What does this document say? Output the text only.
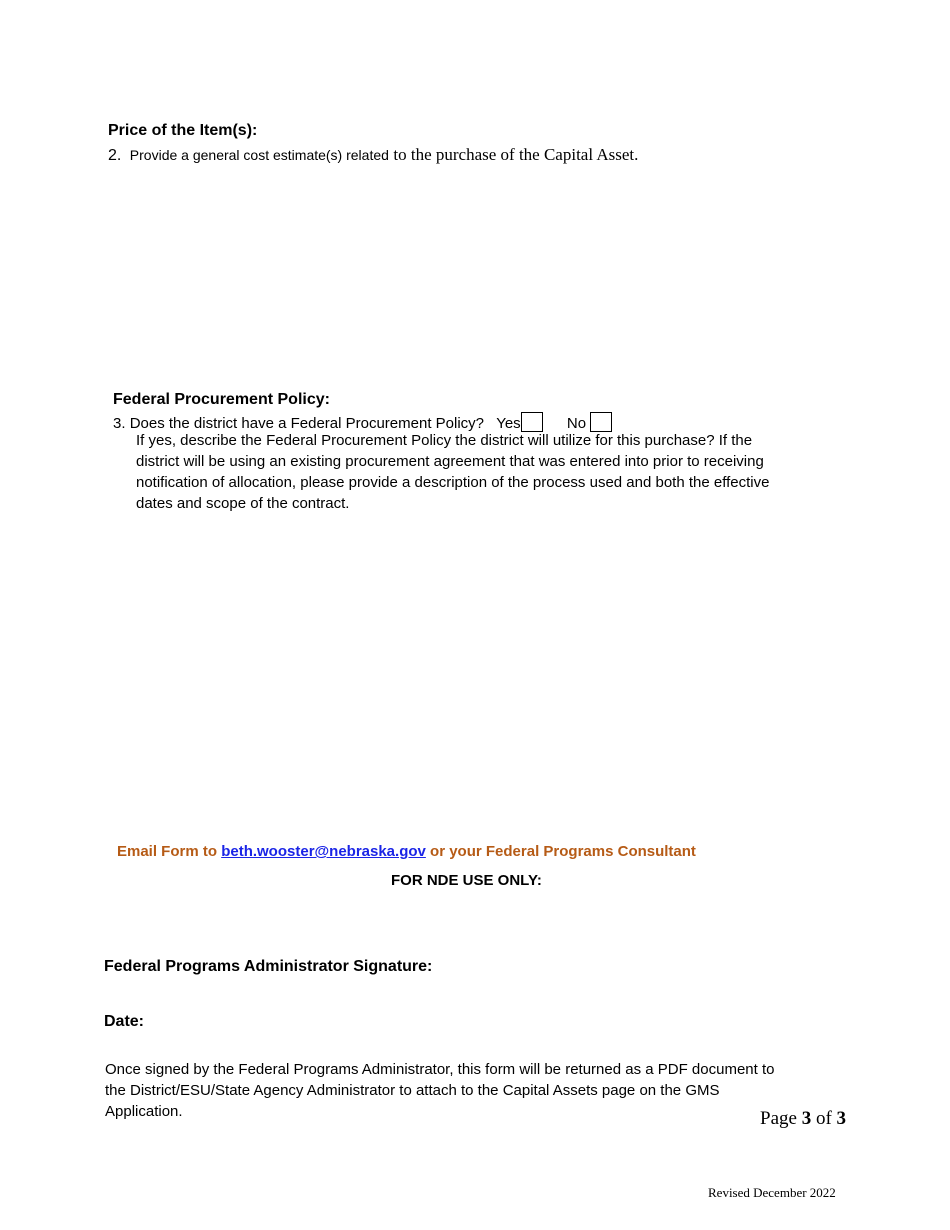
Price of the Item(s):
2. Provide a general cost estimate(s) related to the purchase of the Capital Asset.
Federal Procurement Policy:
3. Does the district have a Federal Procurement Policy? Yes	No
If yes, describe the Federal Procurement Policy the district will utilize for this purchase? If the
district will be using an existing procurement agreement that was entered into prior to receiving
notification of allocation, please provide a description of the process used and both the effective
dates and scope of the contract.
Email Form to beth.wooster@nebraska.gov or your Federal Programs Consultant
FOR NDE USE ONLY:
Federal Programs Administrator Signature:
Date:
Once signed by the Federal Programs Administrator, this form will be returned as a PDF document to
the District/ESU/State Agency Administrator to attach to the Capital Assets page on the GMS
Application.	Page 3 of 3
Revised December 2022
